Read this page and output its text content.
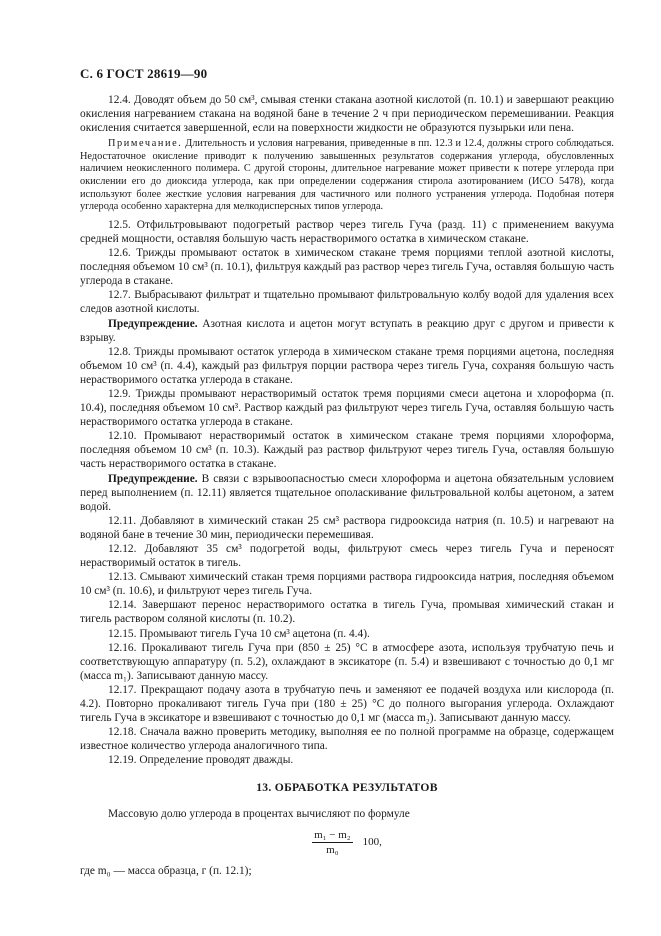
С. 6 ГОСТ 28619—90

12.4. Доводят объем до 50 см³, смывая стенки стакана азотной кислотой (п. 10.1) и завершают реакцию окисления нагреванием стакана на водяной бане в течение 2 ч при периодическом перемешивании. Реакция окисления считается завершенной, если на поверхности жидкости не образуются пузырьки или пена.

Примечание. Длительность и условия нагревания, приведенные в пп. 12.3 и 12.4, должны строго соблюдаться. Недостаточное окисление приводит к получению завышенных результатов содержания углерода, обусловленных наличием неокисленного полимера. С другой стороны, длительное нагревание может привести к потере углерода при окислении его до диоксида углерода, как при определении содержания стирола азотированием (ИСО 5478), когда используют более жесткие условия нагревания для частичного или полного устранения углерода. Подобная потеря углерода особенно характерна для мелкодисперсных типов углерода.

12.5. Отфильтровывают подогретый раствор через тигель Гуча (разд. 11) с применением вакуума средней мощности, оставляя большую часть нерастворимого остатка в химическом стакане.

12.6. Трижды промывают остаток в химическом стакане тремя порциями теплой азотной кислоты, последняя объемом 10 см³ (п. 10.1), фильтруя каждый раз раствор через тигель Гуча, оставляя большую часть углерода в стакане.

12.7. Выбрасывают фильтрат и тщательно промывают фильтровальную колбу водой для удаления всех следов азотной кислоты.

Предупреждение. Азотная кислота и ацетон могут вступать в реакцию друг с другом и привести к взрыву.

12.8. Трижды промывают остаток углерода в химическом стакане тремя порциями ацетона, последняя объемом 10 см³ (п. 4.4), каждый раз фильтруя порции раствора через тигель Гуча, сохраняя большую часть нерастворимого остатка углерода в стакане.

12.9. Трижды промывают нерастворимый остаток тремя порциями смеси ацетона и хлороформа (п. 10.4), последняя объемом 10 см³. Раствор каждый раз фильтруют через тигель Гуча, оставляя большую часть нерастворимого остатка углерода в стакане.

12.10. Промывают нерастворимый остаток в химическом стакане тремя порциями хлороформа, последняя объемом 10 см³ (п. 10.3). Каждый раз раствор фильтруют через тигель Гуча, оставляя большую часть нерастворимого остатка в стакане.

Предупреждение. В связи с взрывоопасностью смеси хлороформа и ацетона обязательным условием перед выполнением (п. 12.11) является тщательное ополаскивание фильтровальной колбы ацетоном, а затем водой.

12.11. Добавляют в химический стакан 25 см³ раствора гидрооксида натрия (п. 10.5) и нагревают на водяной бане в течение 30 мин, периодически перемешивая.

12.12. Добавляют 35 см³ подогретой воды, фильтруют смесь через тигель Гуча и переносят нерастворимый остаток в тигель.

12.13. Смывают химический стакан тремя порциями раствора гидроокcида натрия, последняя объемом 10 см³ (п. 10.6), и фильтруют через тигель Гуча.

12.14. Завершают перенос нерастворимого остатка в тигель Гуча, промывая химический стакан и тигель раствором соляной кислоты (п. 10.2).

12.15. Промывают тигель Гуча 10 см³ ацетона (п. 4.4).

12.16. Прокаливают тигель Гуча при (850 ± 25) °С в атмосфере азота, используя трубчатую печь и соответствующую аппаратуру (п. 5.2), охлаждают в эксикаторе (п. 5.4) и взвешивают с точностью до 0,1 мг (масса m₁). Записывают данную массу.

12.17. Прекращают подачу азота в трубчатую печь и заменяют ее подачей воздуха или кислорода (п. 4.2). Повторно прокаливают тигель Гуча при (180 ± 25) °С до полного выгорания углерода. Охлаждают тигель Гуча в эксикаторе и взвешивают с точностью до 0,1 мг (масса m₂). Записывают данную массу.

12.18. Сначала важно проверить методику, выполняя ее по полной программе на образце, содержащем известное количество углерода аналогичного типа.

12.19. Определение проводят дважды.

13. ОБРАБОТКА РЕЗУЛЬТАТОВ

Массовую долю углерода в процентах вычисляют по формуле

$\frac{\text{m₁ − m₂}}{\text{m₀}} 100$,

где m₀ — масса образца, г (п. 12.1);
